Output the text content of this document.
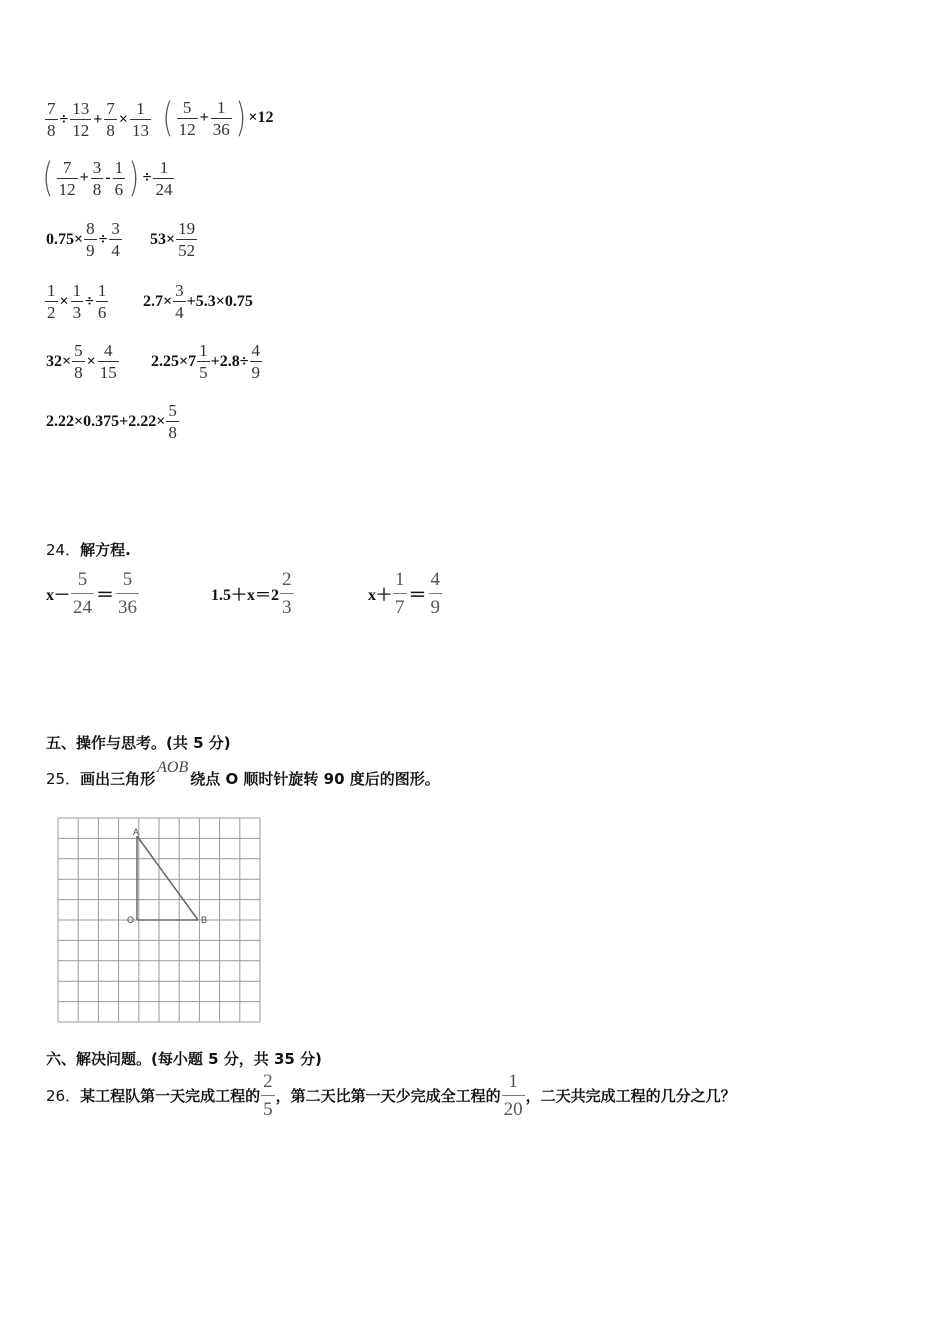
$\frac{7}{8} \div \frac{13}{12} + \frac{7}{8} \times \frac{1}{13}$ ( $\frac{5}{12} + \frac{1}{36}$ ) ×12
( $\frac{7}{12} + \frac{3}{8} - \frac{1}{6}$ ) ÷ $\frac{1}{24}$
$0.75\times \frac{8}{9} \div \frac{3}{4} 53\times \frac{19}{52}$
$\frac{1}{2} \times \frac{1}{3} \div \frac{1}{6} 2.7\times \frac{3}{4} +5.3\times 0.75$
$32\times \frac{5}{8} \times \frac{4}{15} 2.25\times 7 \frac{1}{5} +2.8\div \frac{4}{9}$
$2.22\times 0.375+2.22\times \frac{5}{8}$
24．解方程.
$x- \frac{5}{24} = \frac{5}{36}$	$1.5+x=2 \frac{2}{3}$	$x+ \frac{1}{7} = \frac{4}{9}$
五、操作与思考。(共 5 分)
25．画出三角形AOB绕点 O 顺时针旋转 90 度后的图形。
A
O	B
六、解决问题。(每小题 5 分，共 35 分)
26． 某工程队第一天完成工程的 $\frac{2}{5}$ ，第二天比第一天少完成全工程的 $\frac{1}{20}$ ，二天共完成工程的几分之几？
